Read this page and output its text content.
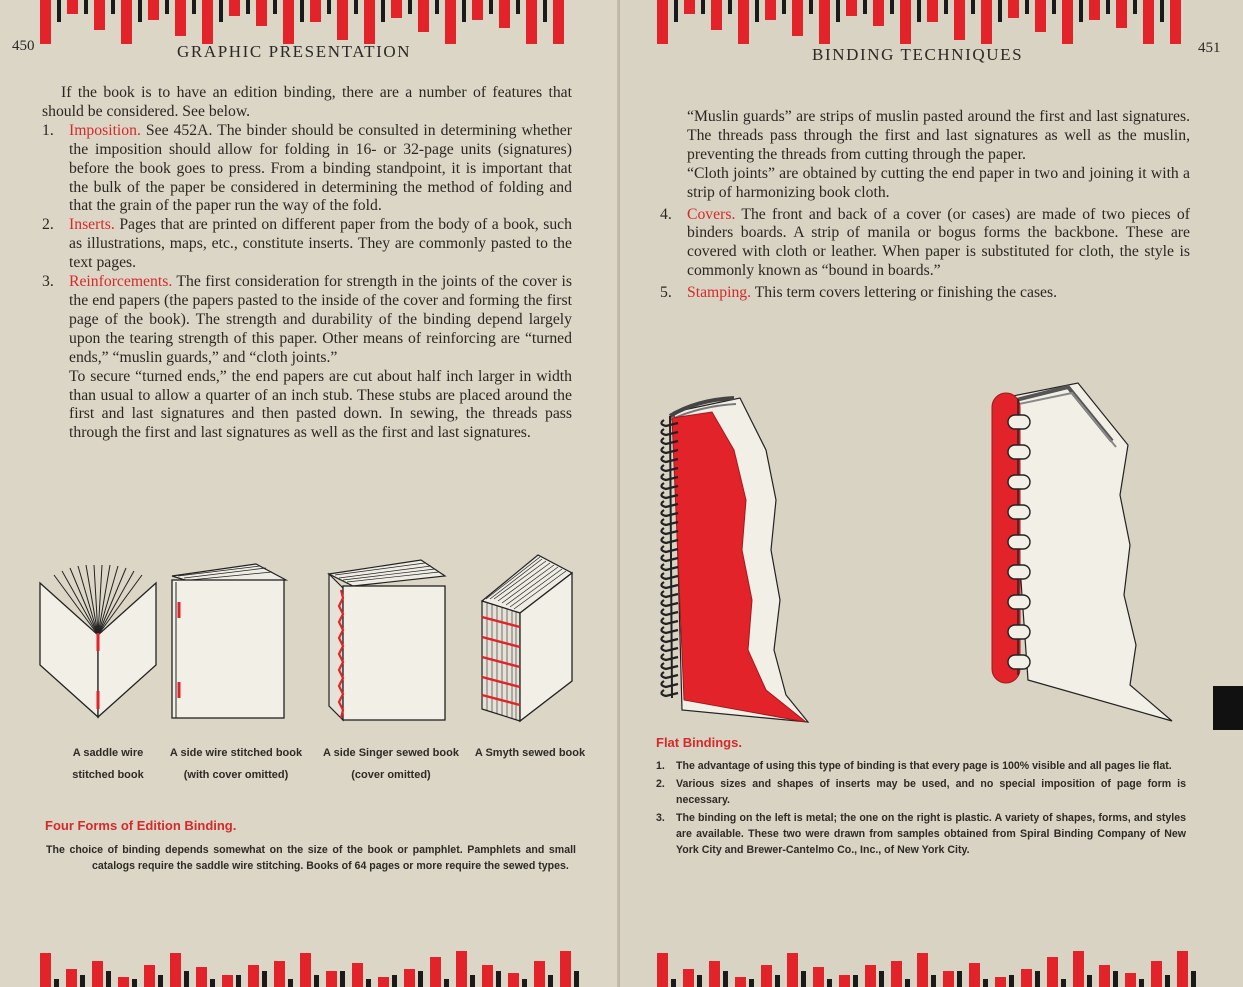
450	GRAPHIC PRESENTATION

If the book is to have an edition binding, there are a number of features that should be considered. See below.

1. Imposition. See 452A. The binder should be consulted in determining whether the imposition should allow for folding in 16- or 32-page units (signatures) before the book goes to press. From a binding standpoint, it is important that the bulk of the paper be considered in determining the method of folding and that the grain of the paper run the way of the fold.

2. Inserts. Pages that are printed on different paper from the body of a book, such as illustrations, maps, etc., constitute inserts. They are commonly pasted to the text pages.

3. Reinforcements. The first consideration for strength in the joints of the cover is the end papers (the papers pasted to the inside of the cover and forming the first page of the book). The strength and durability of the binding depend largely upon the tearing strength of this paper. Other means of reinforcing are “turned ends,” “muslin guards,” and “cloth joints.”

To secure “turned ends,” the end papers are cut about half inch larger in width than usual to allow a quarter of an inch stub. These stubs are placed around the first and last signatures and then pasted down. In sewing, the threads pass through the first and last signatures as well as the first and last signatures.

A saddle wire
stitched book
A side wire stitched book
(with cover omitted)
A side Singer sewed book
(cover omitted)
A Smyth sewed book
Four Forms of Edition Binding.

The choice of binding depends somewhat on the size of the book or pamphlet. Pamphlets and small catalogs require the saddle wire stitching. Books of 64 pages or more require the sewed types.

BINDING TECHNIQUES	451

“Muslin guards” are strips of muslin pasted around the first and last signatures. The threads pass through the first and last signatures as well as the muslin, preventing the threads from cutting through the paper.

“Cloth joints” are obtained by cutting the end paper in two and joining it with a strip of harmonizing book cloth.

4. Covers. The front and back of a cover (or cases) are made of two pieces of binders boards. A strip of manila or bogus forms the backbone. These are covered with cloth or leather. When paper is substituted for cloth, the style is commonly known as “bound in boards.”

5. Stamping. This term covers lettering or finishing the cases.

Flat Bindings.
1. The advantage of using this type of binding is that every page is 100% visible and all pages lie flat.
2. Various sizes and shapes of inserts may be used, and no special imposition of page form is necessary.
3. The binding on the left is metal; the one on the right is plastic. A variety of shapes, forms, and styles are available. These two were drawn from samples obtained from Spiral Binding Company of New York City and Brewer-Cantelmo Co., Inc., of New York City.
